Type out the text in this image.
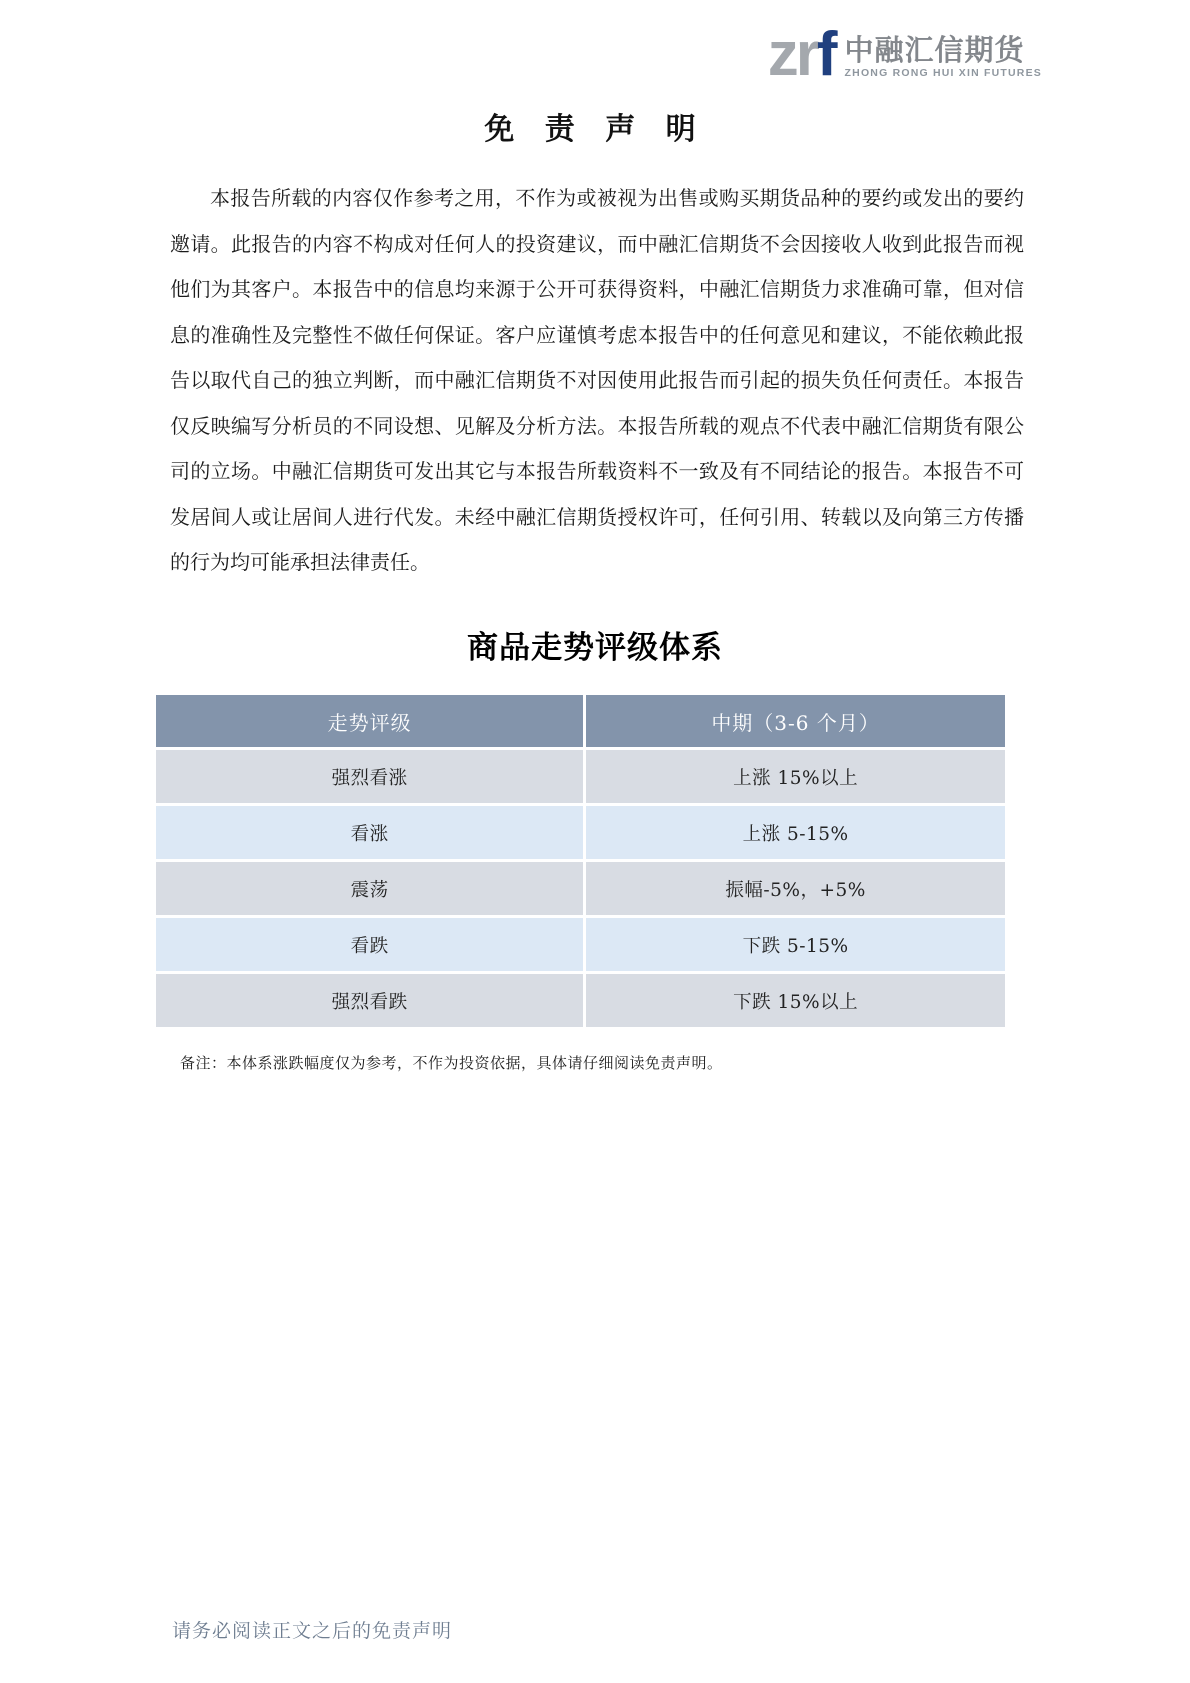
zrf 中融汇信期货
ZHONG RONG HUI XIN FUTURES
免 责 声 明

本报告所载的内容仅作参考之用，不作为或被视为出售或购买期货品种的要约或发出的要约邀请。此报告的内容不构成对任何人的投资建议，而中融汇信期货不会因接收人收到此报告而视他们为其客户。本报告中的信息均来源于公开可获得资料，中融汇信期货力求准确可靠，但对信息的准确性及完整性不做任何保证。客户应谨慎考虑本报告中的任何意见和建议，不能依赖此报告以取代自己的独立判断，而中融汇信期货不对因使用此报告而引起的损失负任何责任。本报告仅反映编写分析员的不同设想、见解及分析方法。本报告所载的观点不代表中融汇信期货有限公司的立场。中融汇信期货可发出其它与本报告所载资料不一致及有不同结论的报告。本报告不可发居间人或让居间人进行代发。未经中融汇信期货授权许可，任何引用、转载以及向第三方传播的行为均可能承担法律责任。

商品走势评级体系
走势评级	中期（3-6 个月）
强烈看涨	上涨 15%以上
看涨	上涨 5-15%
震荡	振幅-5%，+5%
看跌	下跌 5-15%
强烈看跌	下跌 15%以上

备注：本体系涨跌幅度仅为参考，不作为投资依据，具体请仔细阅读免责声明。

请务必阅读正文之后的免责声明
